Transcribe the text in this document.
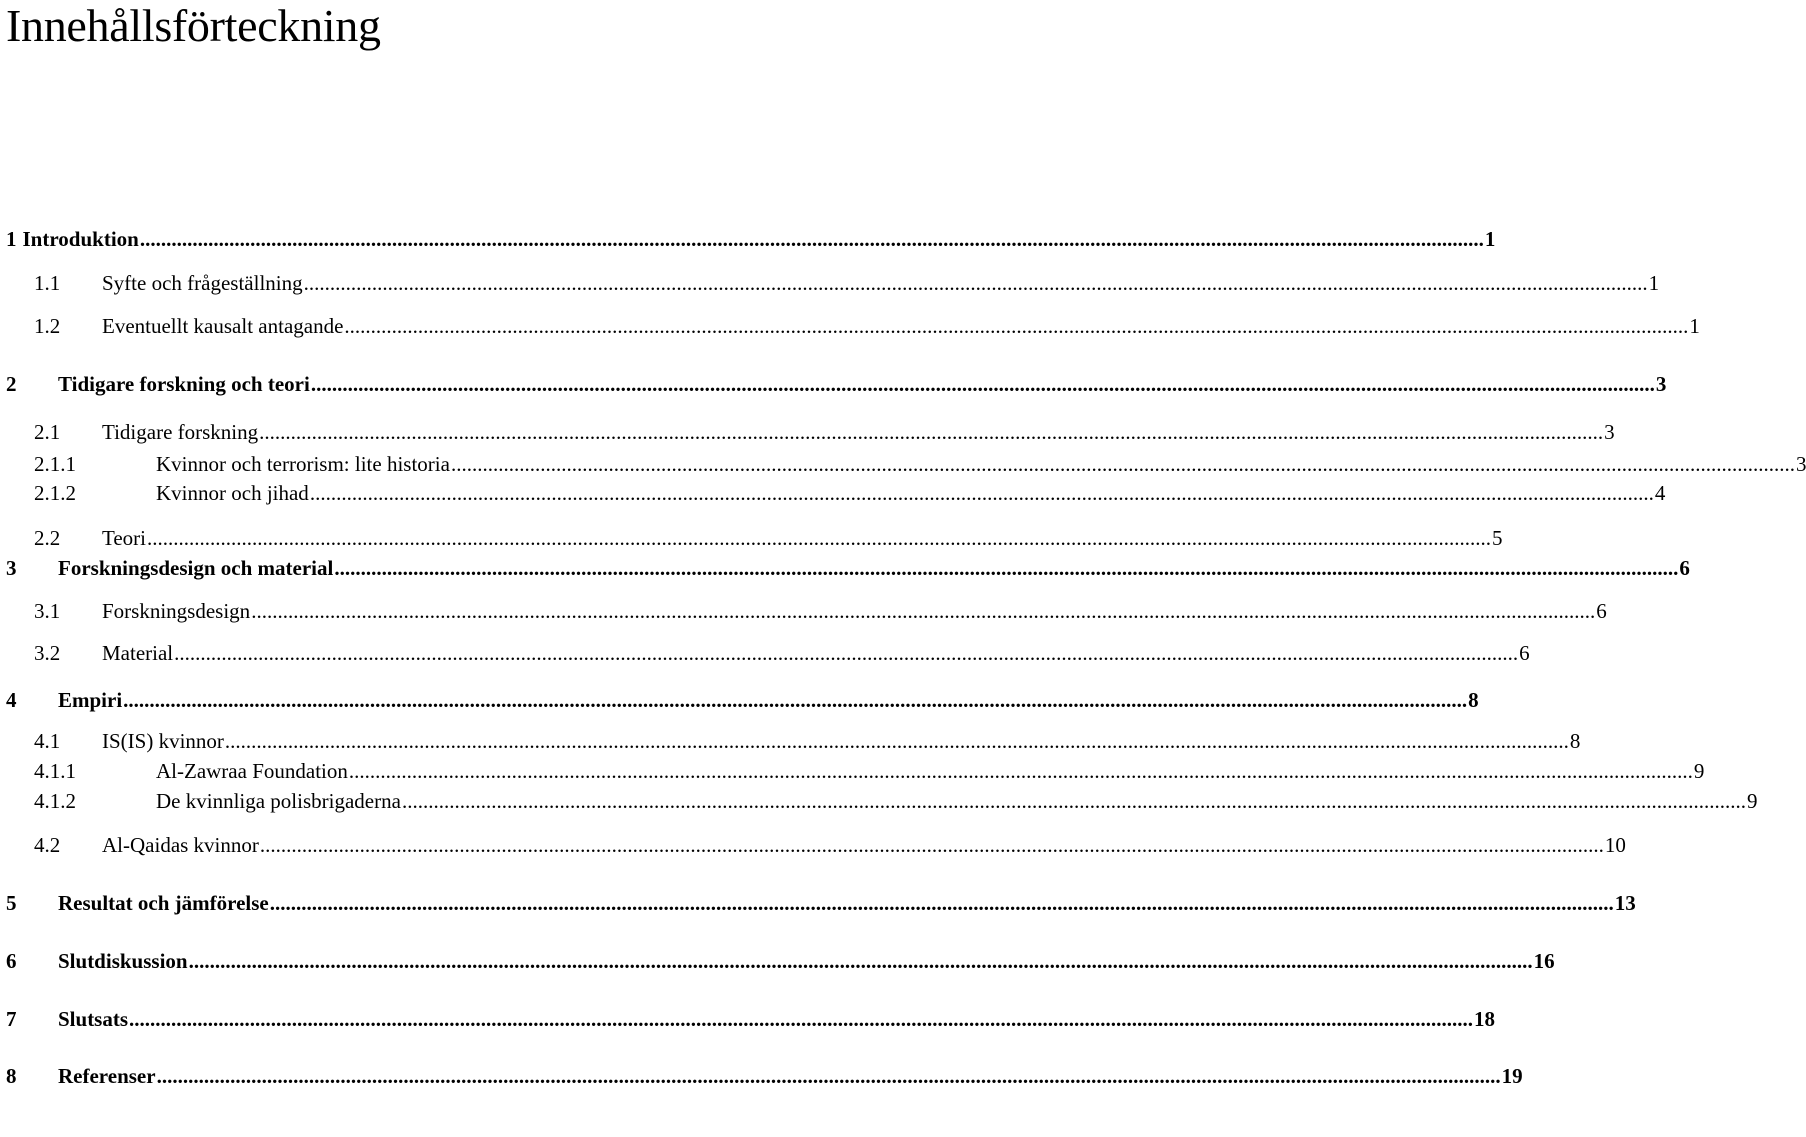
Innehållsförteckning
1 Introduktion .....	1
1.1	Syfte och frågeställning .....	1
1.2	Eventuellt kausalt antagande .....	1
2	Tidigare forskning och teori .....	3
2.1	Tidigare forskning .....	3
2.1.1	Kvinnor och terrorism: lite historia .....	3
2.1.2	Kvinnor och jihad .....	4
2.2	Teori .....	5
3	Forskningsdesign och material .....	6
3.1	Forskningsdesign .....	6
3.2	Material .....	6
4	Empiri .....	8
4.1	IS(IS) kvinnor .....	8
4.1.1	Al-Zawraa Foundation .....	9
4.1.2	De kvinnliga polisbrigaderna .....	9
4.2	Al-Qaidas kvinnor .....	10
5	Resultat och jämförelse .....	13
6	Slutdiskussion .....	16
7	Slutsats .....	18
8	Referenser .....	19
